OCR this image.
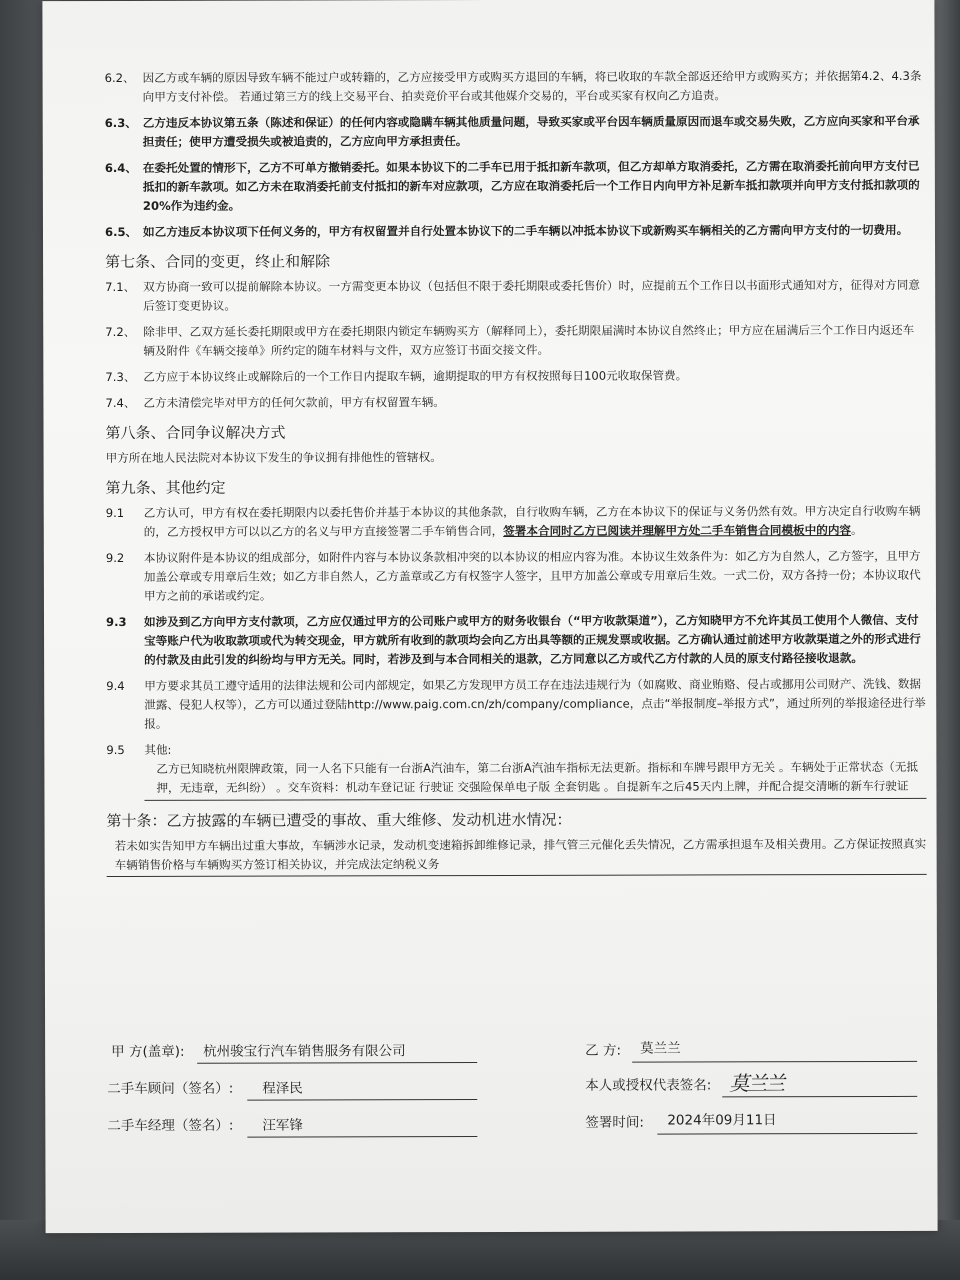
6.2、 因乙方或车辆的原因导致车辆不能过户或转籍的，乙方应接受甲方或购买方退回的车辆，将已收取的车款全部返还给甲方或购买方；并依据第4.2、4.3条向甲方支付补偿。 若通过第三方的线上交易平台、拍卖竞价平台或其他媒介交易的，平台或买家有权向乙方追责。
6.3、 乙方违反本协议第五条（陈述和保证）的任何内容或隐瞒车辆其他质量问题，导致买家或平台因车辆质量原因而退车或交易失败，乙方应向买家和平台承担责任；使甲方遭受损失或被追责的，乙方应向甲方承担责任。
6.4、 在委托处置的情形下，乙方不可单方撤销委托。如果本协议下的二手车已用于抵扣新车款项，但乙方却单方取消委托，乙方需在取消委托前向甲方支付已抵扣的新车款项。如乙方未在取消委托前支付抵扣的新车对应款项，乙方应在取消委托后一个工作日内向甲方补足新车抵扣款项并向甲方支付抵扣款项的20%作为违约金。
6.5、 如乙方违反本协议项下任何义务的，甲方有权留置并自行处置本协议下的二手车辆以冲抵本协议下或新购买车辆相关的乙方需向甲方支付的一切费用。
第七条、合同的变更，终止和解除
7.1、 双方协商一致可以提前解除本协议。一方需变更本协议（包括但不限于委托期限或委托售价）时，应提前五个工作日以书面形式通知对方，征得对方同意后签订变更协议。
7.2、 除非甲、乙双方延长委托期限或甲方在委托期限内锁定车辆购买方（解释同上），委托期限届满时本协议自然终止；甲方应在届满后三个工作日内返还车辆及附件《车辆交接单》所约定的随车材料与文件，双方应签订书面交接文件。
7.3、 乙方应于本协议终止或解除后的一个工作日内提取车辆，逾期提取的甲方有权按照每日100元收取保管费。
7.4、 乙方未清偿完毕对甲方的任何欠款前，甲方有权留置车辆。
第八条、合同争议解决方式
甲方所在地人民法院对本协议下发生的争议拥有排他性的管辖权。
第九条、其他约定
9.1 乙方认可，甲方有权在委托期限内以委托售价并基于本协议的其他条款，自行收购车辆，乙方在本协议下的保证与义务仍然有效。甲方决定自行收购车辆的，乙方授权甲方可以以乙方的名义与甲方直接签署二手车销售合同，签署本合同时乙方已阅读并理解甲方处二手车销售合同模板中的内容。
9.2 本协议附件是本协议的组成部分，如附件内容与本协议条款相冲突的以本协议的相应内容为准。本协议生效条件为：如乙方为自然人，乙方签字，且甲方加盖公章或专用章后生效；如乙方非自然人，乙方盖章或乙方有权签字人签字，且甲方加盖公章或专用章后生效。一式二份，双方各持一份；本协议取代甲方之前的承诺或约定。
9.3 如涉及到乙方向甲方支付款项，乙方应仅通过甲方的公司账户或甲方的财务收银台（“甲方收款渠道”），乙方知晓甲方不允许其员工使用个人微信、支付宝等账户代为收取款项或代为转交现金，甲方就所有收到的款项均会向乙方出具等额的正规发票或收据。乙方确认通过前述甲方收款渠道之外的形式进行的付款及由此引发的纠纷均与甲方无关。同时，若涉及到与本合同相关的退款，乙方同意以乙方或代乙方付款的人员的原支付路径接收退款。
9.4 甲方要求其员工遵守适用的法律法规和公司内部规定，如果乙方发现甲方员工存在违法违规行为（如腐败、商业贿赂、侵占或挪用公司财产、洗钱、数据泄露、侵犯人权等），乙方可以通过登陆http://www.paig.com.cn/zh/company/compliance，点击“举报制度–举报方式”，通过所列的举报途径进行举报。
9.5 其他:
乙方已知晓杭州限牌政策，同一人名下只能有一台浙A汽油车，第二台浙A汽油车指标无法更新。指标和车牌号跟甲方无关 。车辆处于正常状态（无抵押，无违章，无纠纷） 。交车资料：机动车登记证 行驶证 交强险保单电子版 全套钥匙 。自提新车之后45天内上牌，并配合提交清晰的新车行驶证
第十条：乙方披露的车辆已遭受的事故、重大维修、发动机进水情况：
若未如实告知甲方车辆出过重大事故，车辆涉水记录，发动机变速箱拆卸维修记录，排气管三元催化丢失情况，乙方需承担退车及相关费用。乙方保证按照真实车辆销售价格与车辆购买方签订相关协议，并完成法定纳税义务
甲 方(盖章): 杭州骏宝行汽车销售服务有限公司
二手车顾问（签名）: 程泽民
二手车经理（签名）: 汪军锋
乙 方: 莫兰兰
本人或授权代表签名: 莫兰兰
签署时间: 2024年09月11日
